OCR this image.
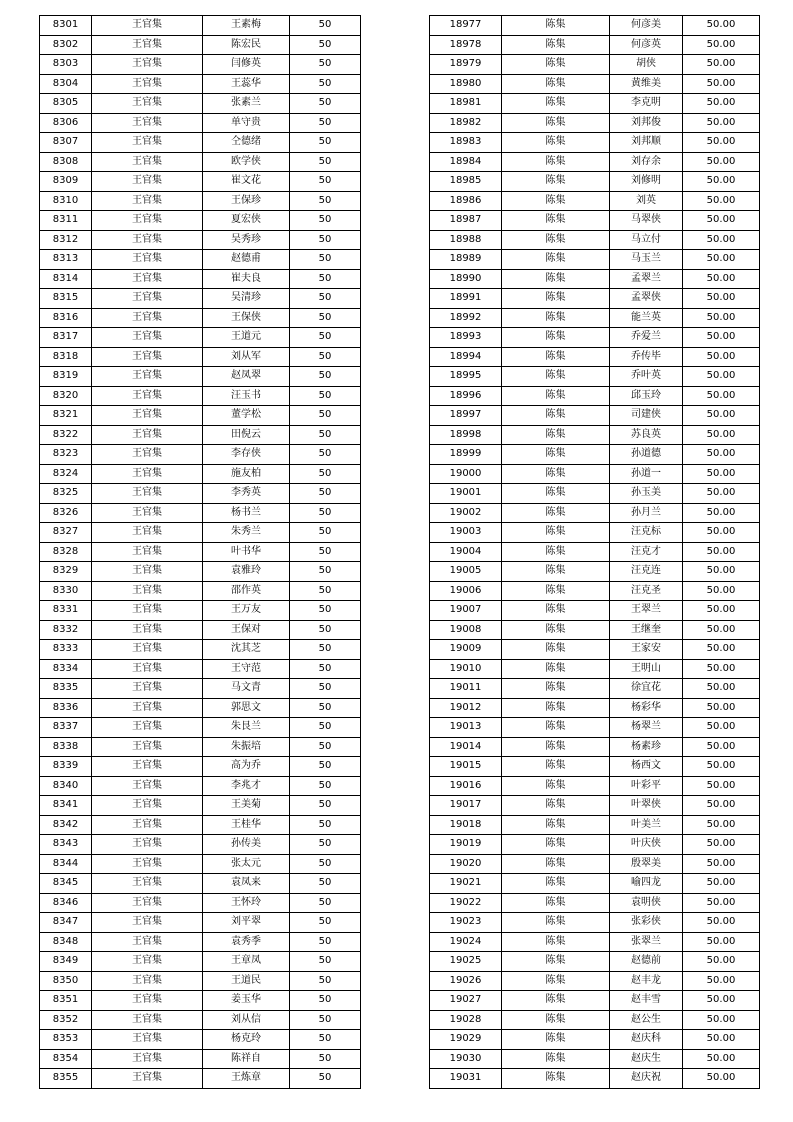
8301	王官集	王素梅	50
8302	王官集	陈宏民	50
8303	王官集	闫修英	50
8304	王官集	王蕊华	50
8305	王官集	张素兰	50
8306	王官集	单守贵	50
8307	王官集	仝德绪	50
8308	王官集	欧学侠	50
8309	王官集	崔文花	50
8310	王官集	王保珍	50
8311	王官集	夏宏侠	50
8312	王官集	吴秀珍	50
8313	王官集	赵德甫	50
8314	王官集	崔夫良	50
8315	王官集	吴清珍	50
8316	王官集	王保侠	50
8317	王官集	王道元	50
8318	王官集	刘从军	50
8319	王官集	赵凤翠	50
8320	王官集	汪玉书	50
8321	王官集	董学松	50
8322	王官集	田倪云	50
8323	王官集	李存侠	50
8324	王官集	施友柏	50
8325	王官集	李秀英	50
8326	王官集	杨书兰	50
8327	王官集	朱秀兰	50
8328	王官集	叶书华	50
8329	王官集	袁雅玲	50
8330	王官集	邵作英	50
8331	王官集	王万友	50
8332	王官集	王保对	50
8333	王官集	沈其芝	50
8334	王官集	王守范	50
8335	王官集	马文青	50
8336	王官集	郭思文	50
8337	王官集	朱艮兰	50
8338	王官集	朱振培	50
8339	王官集	高为乔	50
8340	王官集	李兆才	50
8341	王官集	王美菊	50
8342	王官集	王桂华	50
8343	王官集	孙传美	50
8344	王官集	张太元	50
8345	王官集	袁凤来	50
8346	王官集	王怀玲	50
8347	王官集	刘平翠	50
8348	王官集	袁秀季	50
8349	王官集	王章凤	50
8350	王官集	王道民	50
8351	王官集	姜玉华	50
8352	王官集	刘从信	50
8353	王官集	杨克玲	50
8354	王官集	陈祥自	50
8355	王官集	王炼章	50
18977	陈集	何彦美	50.00
18978	陈集	何彦英	50.00
18979	陈集	胡侠	50.00
18980	陈集	黄维美	50.00
18981	陈集	李克明	50.00
18982	陈集	刘邦俊	50.00
18983	陈集	刘邦顺	50.00
18984	陈集	刘存余	50.00
18985	陈集	刘修明	50.00
18986	陈集	刘英	50.00
18987	陈集	马翠侠	50.00
18988	陈集	马立付	50.00
18989	陈集	马玉兰	50.00
18990	陈集	孟翠兰	50.00
18991	陈集	孟翠侠	50.00
18992	陈集	能兰英	50.00
18993	陈集	乔爱兰	50.00
18994	陈集	乔传毕	50.00
18995	陈集	乔叶英	50.00
18996	陈集	邱玉玲	50.00
18997	陈集	司建侠	50.00
18998	陈集	苏良英	50.00
18999	陈集	孙道德	50.00
19000	陈集	孙道一	50.00
19001	陈集	孙玉美	50.00
19002	陈集	孙月兰	50.00
19003	陈集	汪克标	50.00
19004	陈集	汪克才	50.00
19005	陈集	汪克连	50.00
19006	陈集	汪克圣	50.00
19007	陈集	王翠兰	50.00
19008	陈集	王继奎	50.00
19009	陈集	王家安	50.00
19010	陈集	王明山	50.00
19011	陈集	徐宜花	50.00
19012	陈集	杨彩华	50.00
19013	陈集	杨翠兰	50.00
19014	陈集	杨素珍	50.00
19015	陈集	杨西文	50.00
19016	陈集	叶彩平	50.00
19017	陈集	叶翠侠	50.00
19018	陈集	叶美兰	50.00
19019	陈集	叶庆侠	50.00
19020	陈集	殷翠美	50.00
19021	陈集	喻四龙	50.00
19022	陈集	袁明侠	50.00
19023	陈集	张彩侠	50.00
19024	陈集	张翠兰	50.00
19025	陈集	赵德前	50.00
19026	陈集	赵丰龙	50.00
19027	陈集	赵丰雪	50.00
19028	陈集	赵公生	50.00
19029	陈集	赵庆科	50.00
19030	陈集	赵庆生	50.00
19031	陈集	赵庆祝	50.00
